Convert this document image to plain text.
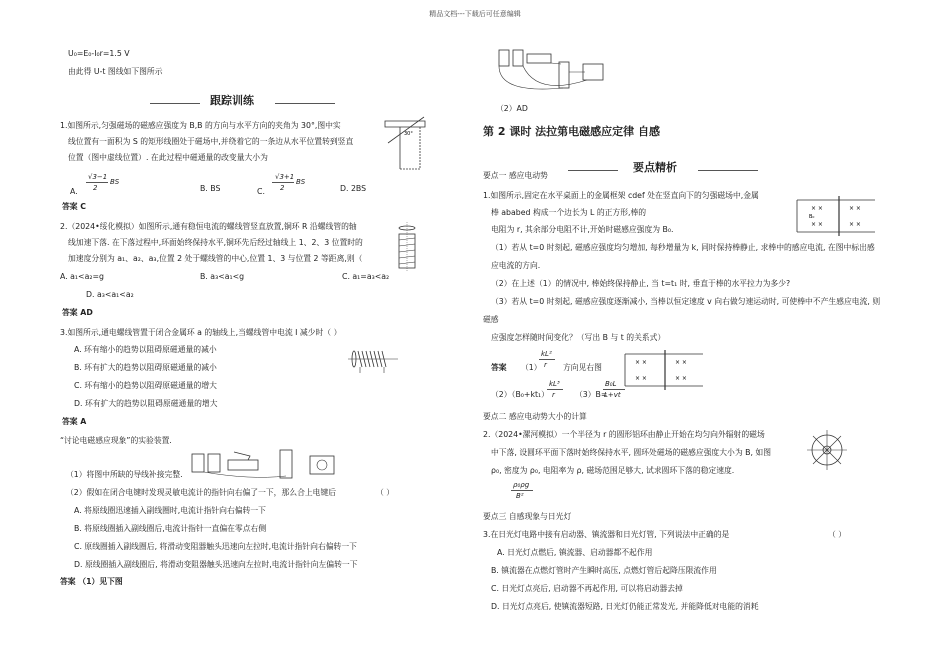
精品文档---下载后可任意编辑
U₀=E₀-I₀r=1.5 V
由此得 U-t 图线如下图所示
跟踪训练
1.如图所示,匀强磁场的磁感应强度为 B,B 的方向与水平方向的夹角为 30°,图中实
线位置有一面积为 S 的矩形线圈处于磁场中,并绕着它的一条边从水平位置转到竖直
位置（图中虚线位置）. 在此过程中磁通量的改变量大小为
30°
A.
√3−1
2
BS
B. BS	C.
√3+1
2
BS
D. 2BS
答案 C
2.（2024•绥化模拟）如图所示,通有稳恒电流的螺线管竖直放置,铜环 R 沿螺线管的轴
线加速下落. 在下落过程中,环面始终保持水平,铜环先后经过轴线上 1、2、3 位置时的
加速度分别为 a₁、a₂、a₃,位置 2 处于螺线管的中心,位置 1、3 与位置 2 等距离,则（
A. a₁<a₂=g	B. a₃<a₁<g	C. a₁=a₃<a₂
D. a₃<a₁<a₂
答案 AD
3.如图所示,通电螺线管置于闭合金属环 a 的轴线上,当螺线管中电流 I 减少时（ ）
A. 环有缩小的趋势以阻碍原磁通量的减小
B. 环有扩大的趋势以阻碍原磁通量的减小
C. 环有缩小的趋势以阻碍原磁通量的增大
D. 环有扩大的趋势以阻碍原磁通量的增大
答案 A
“讨论电磁感应现象”的实验装置.
（1）将图中所缺的导线补接完整.
（2）假如在闭合电键时发现灵敏电流计的指针向右偏了一下，那么合上电键后	（ ）
A. 将原线圈迅速插入副线圈时,电流计指针向右偏转一下
B. 将原线圈插入副线圈后,电流计指针一直偏在零点右侧
C. 原线圈插入副线圈后, 将滑动变阻器触头迅速向左拉时,电流计指针向右偏转一下
D. 原线圈插入副线圈后, 将滑动变阻器触头迅速向左拉时,电流计指针向左偏转一下
答案 （1）见下图
（2）AD
第 2 课时 法拉第电磁感应定律 自感
要点一 感应电动势
要点精析
1.如图所示,固定在水平桌面上的金属框架 cdef 处在竖直向下的匀强磁场中,金属
棒 ababed 构成一个边长为 L 的正方形,棒的
电阻为 r, 其余部分电阻不计,开始时磁感应强度为 B₀.
× ×
× ×
× ×
× ×
B₀
（1）若从 t=0 时刻起, 磁感应强度均匀增加, 每秒增量为 k, 同时保持棒静止, 求棒中的感应电流, 在图中标出感
应电流的方向.
（2）在上述（1）的情况中, 棒始终保持静止, 当 t=t₁ 时, 垂直于棒的水平拉力为多少?
（3）若从 t=0 时刻起, 磁感应强度逐渐减小, 当棒以恒定速度 v 向右做匀速运动时, 可使棒中不产生感应电流, 则
磁感
应强度怎样随时间变化？（写出 B 与 t 的关系式）
答案 （1）
kL²
r 方向见右图
× ×
× ×
× ×
× ×
（2）（B₀+kt₁）
kL³
r	（3）B=
B₀L
L+vt
要点二 感应电动势大小的计算
2.（2024•漯河模拟）一个半径为 r 的圆形铝环由静止开始在均匀向外辐射的磁场
中下落, 设圆环平面下落时始终保持水平, 圆环处磁场的磁感应强度大小为 B, 如图
ρ₀, 密度为 ρ₀, 电阻率为 ρ, 磁场范围足够大, 试求圆环下落的稳定速度.
ρ₀ρg
B²
要点三 自感现象与日光灯
3.在日光灯电路中接有启动器、镇流器和日光灯管, 下列说法中正确的是	（ ）
A. 日光灯点燃后, 镇流器、启动器都不起作用
B. 镇流器在点燃灯管时产生瞬时高压, 点燃灯管后起降压限流作用
C. 日光灯点亮后, 启动器不再起作用, 可以将启动器去掉
D. 日光灯点亮后, 使镇流器短路, 日光灯仍能正常发光, 并能降低对电能的消耗
